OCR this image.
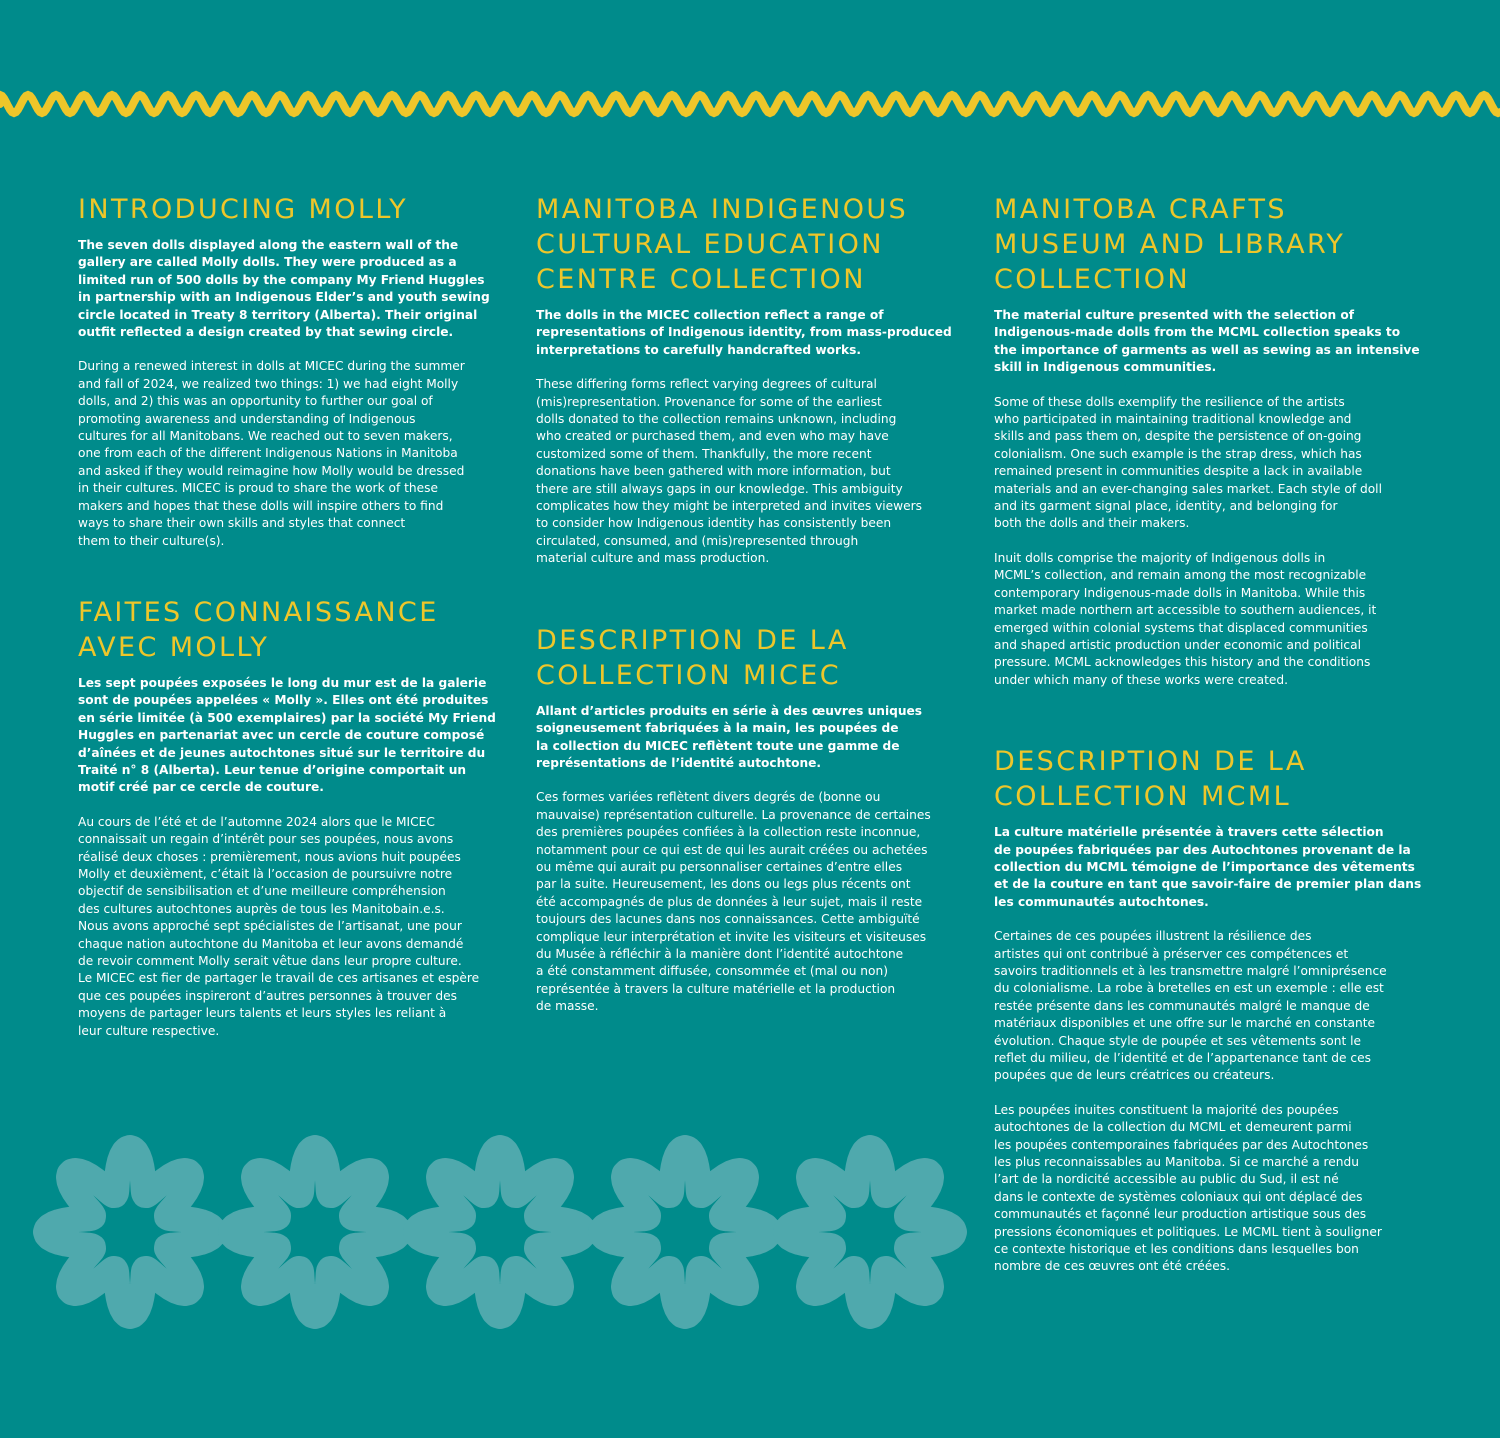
INTRODUCING MOLLY

The seven dolls displayed along the eastern wall of the
gallery are called Molly dolls. They were produced as a
limited run of 500 dolls by the company My Friend Huggles
in partnership with an Indigenous Elder’s and youth sewing
circle located in Treaty 8 territory (Alberta). Their original
outfit reflected a design created by that sewing circle.

During a renewed interest in dolls at MICEC during the summer
and fall of 2024, we realized two things: 1) we had eight Molly
dolls, and 2) this was an opportunity to further our goal of
promoting awareness and understanding of Indigenous
cultures for all Manitobans. We reached out to seven makers,
one from each of the different Indigenous Nations in Manitoba
and asked if they would reimagine how Molly would be dressed
in their cultures. MICEC is proud to share the work of these
makers and hopes that these dolls will inspire others to find
ways to share their own skills and styles that connect
them to their culture(s).

FAITES CONNAISSANCE AVEC MOLLY

Les sept poupées exposées le long du mur est de la galerie
sont de poupées appelées « Molly ». Elles ont été produites
en série limitée (à 500 exemplaires) par la société My Friend
Huggles en partenariat avec un cercle de couture composé
d’aînées et de jeunes autochtones situé sur le territoire du
Traité n° 8 (Alberta). Leur tenue d’origine comportait un
motif créé par ce cercle de couture.

Au cours de l’été et de l’automne 2024 alors que le MICEC
connaissait un regain d’intérêt pour ses poupées, nous avons
réalisé deux choses : premièrement, nous avions huit poupées
Molly et deuxièment, c’était là l’occasion de poursuivre notre
objectif de sensibilisation et d’une meilleure compréhension
des cultures autochtones auprès de tous les Manitobain.e.s.
Nous avons approché sept spécialistes de l’artisanat, une pour
chaque nation autochtone du Manitoba et leur avons demandé
de revoir comment Molly serait vêtue dans leur propre culture.
Le MICEC est fier de partager le travail de ces artisanes et espère
que ces poupées inspireront d’autres personnes à trouver des
moyens de partager leurs talents et leurs styles les reliant à
leur culture respective.

MANITOBA INDIGENOUS CULTURAL EDUCATION CENTRE COLLECTION

The dolls in the MICEC collection reflect a range of
representations of Indigenous identity, from mass-produced
interpretations to carefully handcrafted works.

These differing forms reflect varying degrees of cultural
(mis)representation. Provenance for some of the earliest
dolls donated to the collection remains unknown, including
who created or purchased them, and even who may have
customized some of them. Thankfully, the more recent
donations have been gathered with more information, but
there are still always gaps in our knowledge. This ambiguity
complicates how they might be interpreted and invites viewers
to consider how Indigenous identity has consistently been
circulated, consumed, and (mis)represented through
material culture and mass production.

DESCRIPTION DE LA COLLECTION MICEC

Allant d’articles produits en série à des œuvres uniques
soigneusement fabriquées à la main, les poupées de
la collection du MICEC reflètent toute une gamme de
représentations de l’identité autochtone.

Ces formes variées reflètent divers degrés de (bonne ou
mauvaise) représentation culturelle. La provenance de certaines
des premières poupées confiées à la collection reste inconnue,
notamment pour ce qui est de qui les aurait créées ou achetées
ou même qui aurait pu personnaliser certaines d’entre elles
par la suite. Heureusement, les dons ou legs plus récents ont
été accompagnés de plus de données à leur sujet, mais il reste
toujours des lacunes dans nos connaissances. Cette ambiguïté
complique leur interprétation et invite les visiteurs et visiteuses
du Musée à réfléchir à la manière dont l’identité autochtone
a été constamment diffusée, consommée et (mal ou non)
représentée à travers la culture matérielle et la production
de masse.

MANITOBA CRAFTS MUSEUM AND LIBRARY COLLECTION

The material culture presented with the selection of
Indigenous-made dolls from the MCML collection speaks to
the importance of garments as well as sewing as an intensive
skill in Indigenous communities.

Some of these dolls exemplify the resilience of the artists
who participated in maintaining traditional knowledge and
skills and pass them on, despite the persistence of on-going
colonialism. One such example is the strap dress, which has
remained present in communities despite a lack in available
materials and an ever-changing sales market. Each style of doll
and its garment signal place, identity, and belonging for
both the dolls and their makers.

Inuit dolls comprise the majority of Indigenous dolls in
MCML’s collection, and remain among the most recognizable
contemporary Indigenous-made dolls in Manitoba. While this
market made northern art accessible to southern audiences, it
emerged within colonial systems that displaced communities
and shaped artistic production under economic and political
pressure. MCML acknowledges this history and the conditions
under which many of these works were created.

DESCRIPTION DE LA COLLECTION MCML

La culture matérielle présentée à travers cette sélection
de poupées fabriquées par des Autochtones provenant de la
collection du MCML témoigne de l’importance des vêtements
et de la couture en tant que savoir-faire de premier plan dans
les communautés autochtones.

Certaines de ces poupées illustrent la résilience des
artistes qui ont contribué à préserver ces compétences et
savoirs traditionnels et à les transmettre malgré l’omniprésence
du colonialisme. La robe à bretelles en est un exemple : elle est
restée présente dans les communautés malgré le manque de
matériaux disponibles et une offre sur le marché en constante
évolution. Chaque style de poupée et ses vêtements sont le
reflet du milieu, de l’identité et de l’appartenance tant de ces
poupées que de leurs créatrices ou créateurs.

Les poupées inuites constituent la majorité des poupées
autochtones de la collection du MCML et demeurent parmi
les poupées contemporaines fabriquées par des Autochtones
les plus reconnaissables au Manitoba. Si ce marché a rendu
l’art de la nordicité accessible au public du Sud, il est né
dans le contexte de systèmes coloniaux qui ont déplacé des
communautés et façonné leur production artistique sous des
pressions économiques et politiques. Le MCML tient à souligner
ce contexte historique et les conditions dans lesquelles bon
nombre de ces œuvres ont été créées.
